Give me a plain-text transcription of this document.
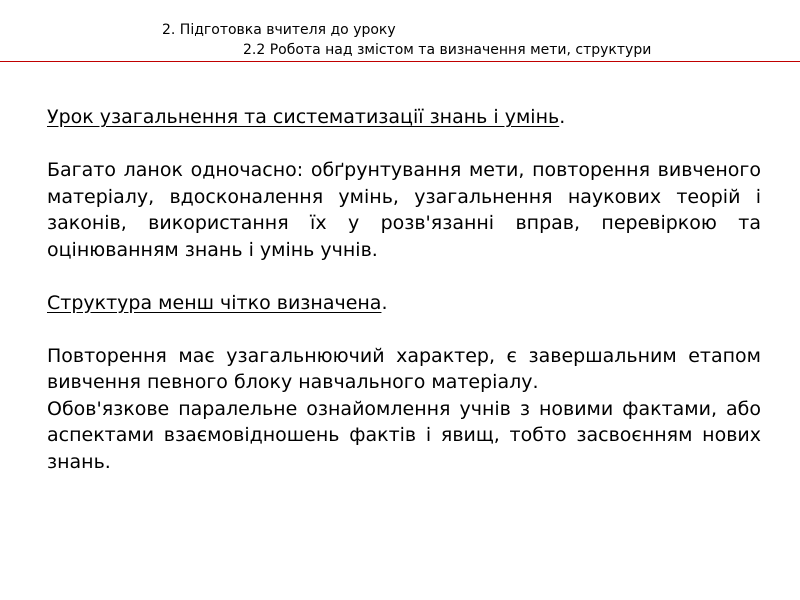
2. Підготовка вчителя до уроку
2.2 Робота над змістом та визначення мети, структури

Урок узагальнення та систематизації знань і умінь.

Багато ланок одночасно: обґрунтування мети, повторення вивченого матеріалу, вдосконалення умінь, узагальнення наукових теорій і законів, використання їх у розв'язанні вправ, перевіркою та оцінюванням знань і умінь учнів.

Структура менш чітко визначена.

Повторення має узагальнюючий характер, є завершальним етапом вивчення певного блоку навчального матеріалу.

Обов'язкове паралельне ознайомлення учнів з новими фактами, або аспектами взаємовідношень фактів і явищ, тобто засвоєнням нових знань.
